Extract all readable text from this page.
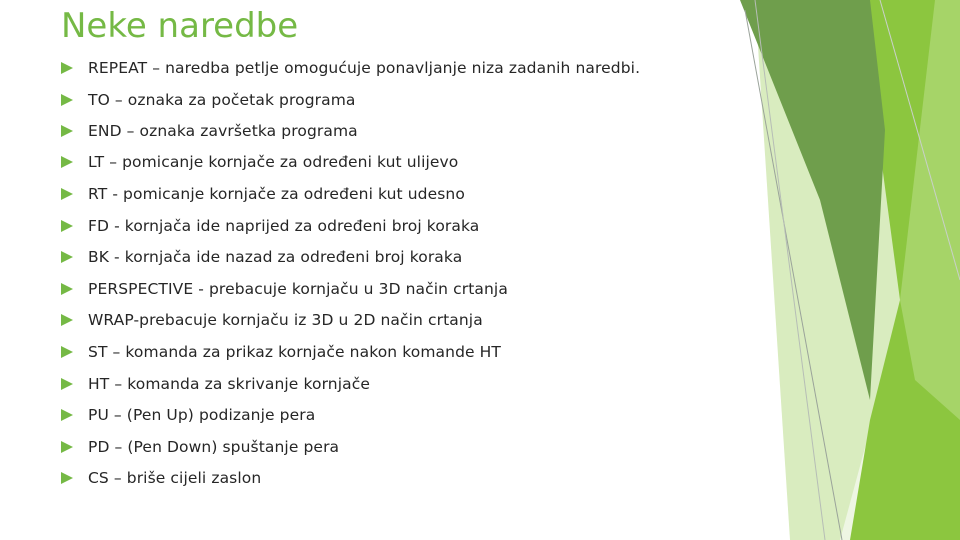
Neke naredbe
REPEAT – naredba petlje omogućuje ponavljanje niza zadanih naredbi.
TO – oznaka za početak programa
END – oznaka završetka programa
LT – pomicanje kornjače za određeni kut ulijevo
RT - pomicanje kornjače za određeni kut udesno
FD - kornjača ide naprijed za određeni broj koraka
BK - kornjača ide nazad za određeni broj koraka
PERSPECTIVE - prebacuje kornjaču u 3D način crtanja
WRAP-prebacuje kornjaču iz 3D u 2D način crtanja
ST – komanda za prikaz kornjače nakon komande HT
HT – komanda za skrivanje kornjače
PU – (Pen Up) podizanje pera
PD – (Pen Down) spuštanje pera
CS – briše cijeli zaslon
